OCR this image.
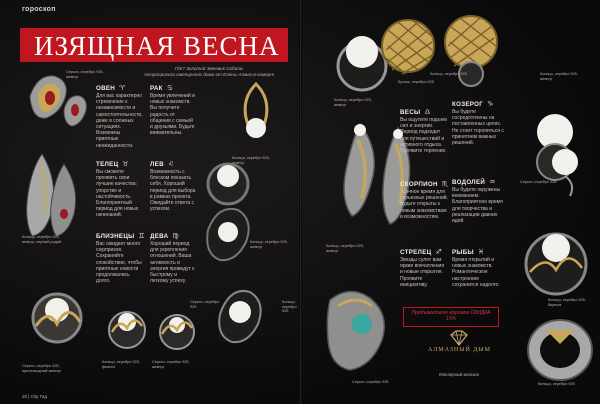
гороскоп
ИЗЯЩНАЯ ВЕСНА
Где? Золотой Змеевик Собалы
Астропрогноз ювелирного дома от Елены Алмаз-в-камерт
Серьги, серебро 925, жемчуг
Кольцо, серебро 925, жемчуг, черный родий
Серьги, серебро 925, пресноводный жемчуг
Кольцо, серебро 925, фианит
Серьги, серебро 925, жемчуг
Кольцо, серебро 925, жемчуг
Кольцо, серебро 925, жемчуг
Серьги, серебро 925
ОВЕН ♈
Для вас характерно стремление к независимости и самостоятельности, даже в сложных ситуациях. Возможны приятные неожиданности.
РАК ♋
Время увлечений и новых знакомств. Вы получите радость от общения с семьей и друзьями. Будьте внимательны.
ТЕЛЕЦ ♉
Вы сможете проявить свои лучшие качества: упорство и настойчивость. Благоприятный период для новых начинаний.
ЛЕВ ♌
Возможность с блеском показать себя. Хороший период для выбора в рамках проекта. Ожидайте ответа с успехом.
БЛИЗНЕЦЫ ♊
Вас ожидает много сюрпризов. Сохраняйте спокойствие, чтобы приятные новости продолжались долго.
ДЕВА ♍
Хороший период для укрепления отношений. Ваша активность и энергия приведут к быстрому и легкому успеху.
20 | City Гид
Кольцо, серебро 925, жемчуг
Брошь, серебро 925
Кольцо, серебро 925, жемчуг
Кольцо, серебро 925, жемчуг
Серьги, серебро 925
Кольцо, серебро 925, бирюза
Серьги, серебро 925	Кольцо, серебро 925
ВЕСЫ ♎
Вы ощутите подъем сил и энергии. Период подходит для путешествий и активного отдыха. Проявите терпение.
КОЗЕРОГ ♑
Вы будете сосредоточены на поставленных целях. Не стоит торопиться с принятием важных решений.
СКОРПИОН ♏
Удачное время для серьезных решений. Будьте открыты к новым знакомствам и возможностям.
ВОДОЛЕЙ ♒
Вы будете окружены вниманием. Благоприятное время для творчества и реализации давних идей.
СТРЕЛЕЦ ♐
Звезды сулят вам яркие впечатления и новые открытия. Проявите инициативу.
РЫБЫ ♓
Время открытий и новых знакомств. Романтическое настроение сохранится надолго.
Предъявителю журнала СКИДКА 15%
АЛМАЗНЫЙ ДЫМ
Ювелирный магазин
Кольцо, серебро 925
Кольцо, серебро 925
